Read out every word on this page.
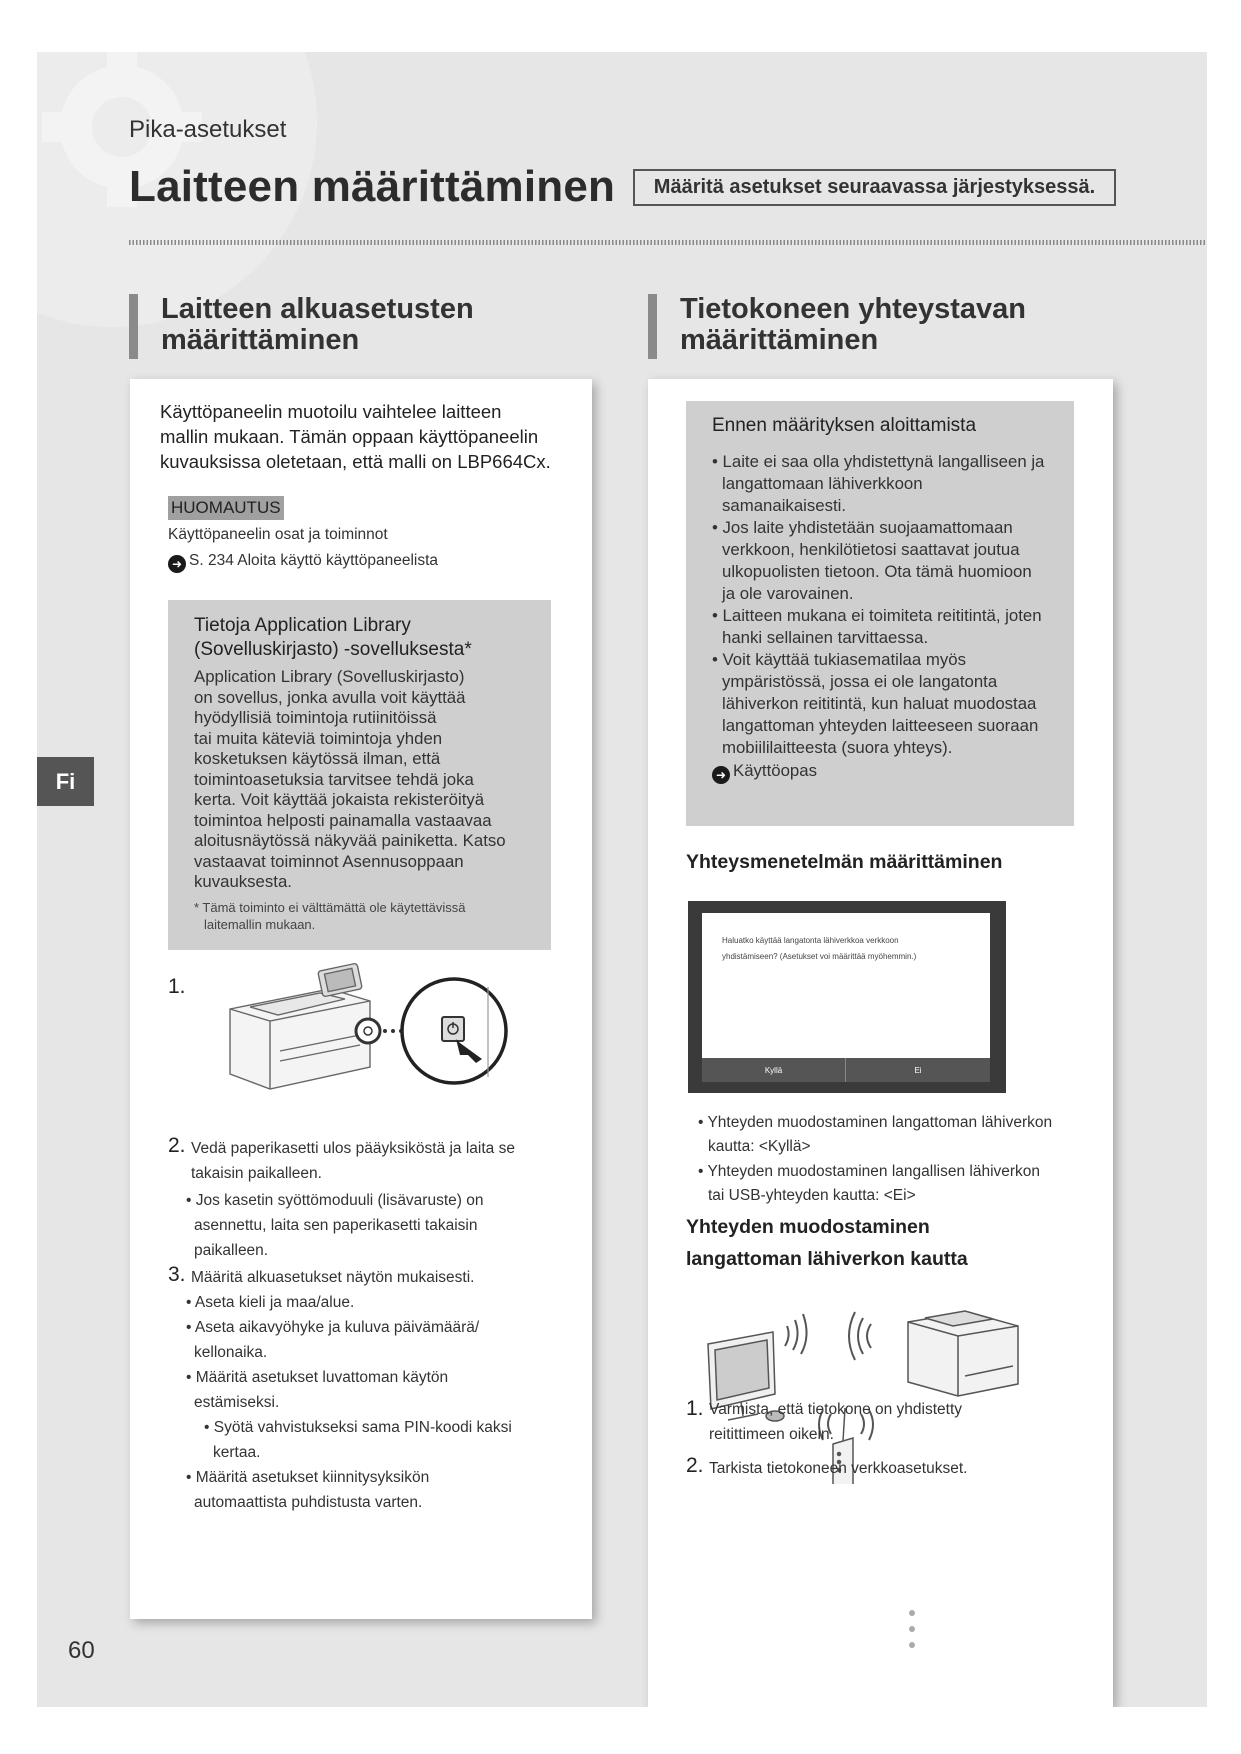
Pika-asetukset
Laitteen määrittäminen	Määritä asetukset seuraavassa järjestyksessä.
Laitteen alkuasetusten
määrittäminen
Tietokoneen yhteystavan
määrittäminen
Käyttöpaneelin muotoilu vaihtelee laitteen
mallin mukaan. Tämän oppaan käyttöpaneelin
kuvauksissa oletetaan, että malli on LBP664Cx.
HUOMAUTUS
Käyttöpaneelin osat ja toiminnot
➜ S. 234 Aloita käyttö käyttöpaneelista
Tietoja Application Library
(Sovelluskirjasto) -sovelluksesta*
Application Library (Sovelluskirjasto)
on sovellus, jonka avulla voit käyttää
hyödyllisiä toimintoja rutiinitöissä
tai muita käteviä toimintoja yhden
kosketuksen käytössä ilman, että
toimintoasetuksia tarvitsee tehdä joka
kerta. Voit käyttää jokaista rekisteröityä
toimintoa helposti painamalla vastaavaa
aloitusnäytössä näkyvää painiketta. Katso
vastaavat toiminnot Asennusoppaan
kuvauksesta.
* Tämä toiminto ei välttämättä ole käytettävissä laitemallin mukaan.
1.
2. Vedä paperikasetti ulos pääyksiköstä ja laita se
takaisin paikalleen.
• Jos kasetin syöttömoduuli (lisävaruste) on
asennettu, laita sen paperikasetti takaisin
paikalleen.
3. Määritä alkuasetukset näytön mukaisesti.
• Aseta kieli ja maa/alue.
• Aseta aikavyöhyke ja kuluva päivämäärä/
kellonaika.
• Määritä asetukset luvattoman käytön
estämiseksi.
• Syötä vahvistukseksi sama PIN-koodi kaksi
kertaa.
• Määritä asetukset kiinnitysyksikön
automaattista puhdistusta varten.
Ennen määrityksen aloittamista
• Laite ei saa olla yhdistettynä langalliseen ja langattomaan lähiverkkoon samanaikaisesti.
• Jos laite yhdistetään suojaamattomaan verkkoon, henkilötietosi saattavat joutua ulkopuolisten tietoon. Ota tämä huomioon ja ole varovainen.
• Laitteen mukana ei toimiteta reititintä, joten hanki sellainen tarvittaessa.
• Voit käyttää tukiasematilaa myös ympäristössä, jossa ei ole langatonta lähiverkon reititintä, kun haluat muodostaa langattoman yhteyden laitteeseen suoraan mobiililaitteesta (suora yhteys).
➜ Käyttöopas
Yhteysmenetelmän määrittäminen
Haluatko käyttää langatonta lähiverkkoa verkkoon
yhdistämiseen? (Asetukset voi määrittää myöhemmin.)
Kyllä	Ei
• Yhteyden muodostaminen langattoman lähiverkon kautta: <Kyllä>
• Yhteyden muodostaminen langallisen lähiverkon tai USB-yhteyden kautta: <Ei>
Yhteyden muodostaminen
langattoman lähiverkon kautta
1. Varmista, että tietokone on yhdistetty
reitittimeen oikein.
2. Tarkista tietokoneen verkkoasetukset.
Fi
60
